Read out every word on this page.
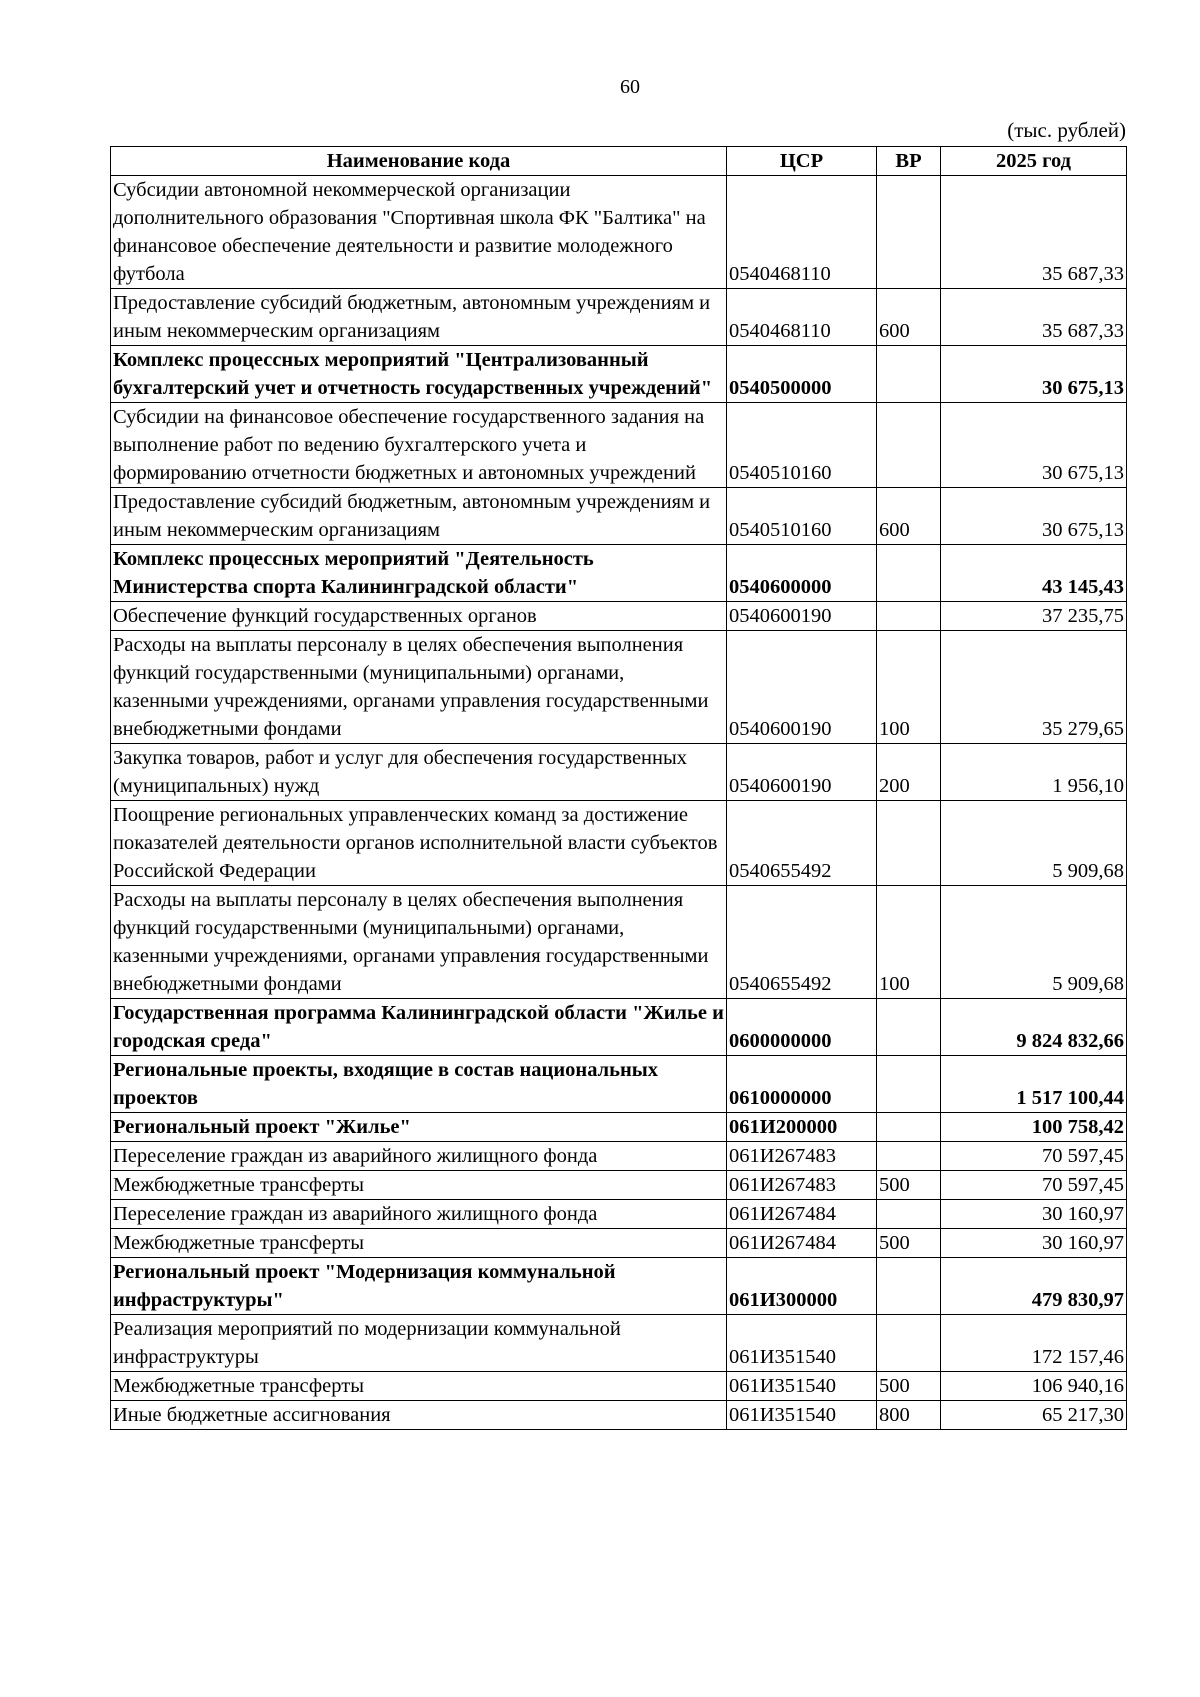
60
(тыс. рублей)
Наименование кода	ЦСР	ВР	2025 год
Субсидии автономной некоммерческой организации дополнительного образования "Спортивная школа ФК "Балтика" на финансовое обеспечение деятельности и развитие молодежного футбола	0540468110		35 687,33
Предоставление субсидий бюджетным, автономным учреждениям и иным некоммерческим организациям	0540468110	600	35 687,33
Комплекс процессных мероприятий "Централизованный бухгалтерский учет и отчетность государственных учреждений"	0540500000		30 675,13
Субсидии на финансовое обеспечение государственного задания на выполнение работ по ведению бухгалтерского учета и формированию отчетности бюджетных и автономных учреждений	0540510160		30 675,13
Предоставление субсидий бюджетным, автономным учреждениям и иным некоммерческим организациям	0540510160	600	30 675,13
Комплекс процессных мероприятий "Деятельность Министерства спорта Калининградской области"	0540600000		43 145,43
Обеспечение функций государственных органов	0540600190		37 235,75
Расходы на выплаты персоналу в целях обеспечения выполнения функций государственными (муниципальными) органами, казенными учреждениями, органами управления государственными внебюджетными фондами	0540600190	100	35 279,65
Закупка товаров, работ и услуг для обеспечения государственных (муниципальных) нужд	0540600190	200	1 956,10
Поощрение региональных управленческих команд за достижение показателей деятельности органов исполнительной власти субъектов Российской Федерации	0540655492		5 909,68
Расходы на выплаты персоналу в целях обеспечения выполнения функций государственными (муниципальными) органами, казенными учреждениями, органами управления государственными внебюджетными фондами	0540655492	100	5 909,68
Государственная программа Калининградской области "Жилье и городская среда"	0600000000		9 824 832,66
Региональные проекты, входящие в состав национальных проектов	0610000000		1 517 100,44
Региональный проект "Жилье"	061И200000		100 758,42
Переселение граждан из аварийного жилищного фонда	061И267483		70 597,45
Межбюджетные трансферты	061И267483	500	70 597,45
Переселение граждан из аварийного жилищного фонда	061И267484		30 160,97
Межбюджетные трансферты	061И267484	500	30 160,97
Региональный проект "Модернизация коммунальной инфраструктуры"	061И300000		479 830,97
Реализация мероприятий по модернизации коммунальной инфраструктуры	061И351540		172 157,46
Межбюджетные трансферты	061И351540	500	106 940,16
Иные бюджетные ассигнования	061И351540	800	65 217,30
